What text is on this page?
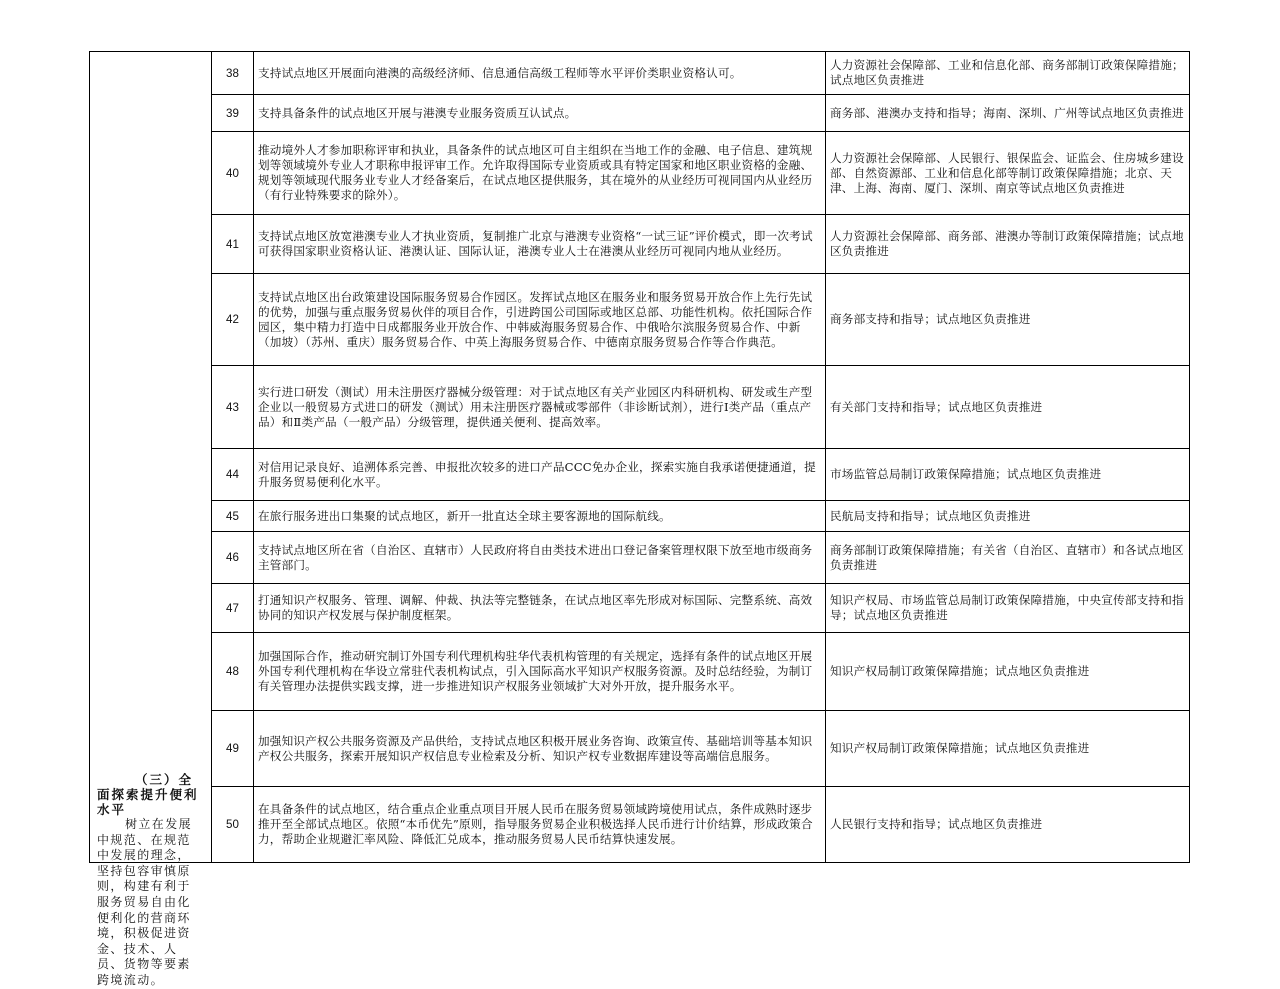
（三）全面探索提升便利水平
树立在发展中规范、在规范中发展的理念，坚持包容审慎原则，构建有利于服务贸易自由化便利化的营商环境，积极促进资金、技术、人员、货物等要素跨境流动。	38	支持试点地区开展面向港澳的高级经济师、信息通信高级工程师等水平评价类职业资格认可。	人力资源社会保障部、工业和信息化部、商务部制订政策保障措施；试点地区负责推进
	39	支持具备条件的试点地区开展与港澳专业服务资质互认试点。	商务部、港澳办支持和指导；海南、深圳、广州等试点地区负责推进
	40	推动境外人才参加职称评审和执业，具备条件的试点地区可自主组织在当地工作的金融、电子信息、建筑规划等领域境外专业人才职称申报评审工作。允许取得国际专业资质或具有特定国家和地区职业资格的金融、规划等领域现代服务业专业人才经备案后，在试点地区提供服务，其在境外的从业经历可视同国内从业经历（有行业特殊要求的除外）。	人力资源社会保障部、人民银行、银保监会、证监会、住房城乡建设部、自然资源部、工业和信息化部等制订政策保障措施；北京、天津、上海、海南、厦门、深圳、南京等试点地区负责推进
	41	支持试点地区放宽港澳专业人才执业资质，复制推广北京与港澳专业资格“一试三证”评价模式，即一次考试可获得国家职业资格认证、港澳认证、国际认证，港澳专业人士在港澳从业经历可视同内地从业经历。	人力资源社会保障部、商务部、港澳办等制订政策保障措施；试点地区负责推进
	42	支持试点地区出台政策建设国际服务贸易合作园区。发挥试点地区在服务业和服务贸易开放合作上先行先试的优势，加强与重点服务贸易伙伴的项目合作，引进跨国公司国际或地区总部、功能性机构。依托国际合作园区，集中精力打造中日成都服务业开放合作、中韩威海服务贸易合作、中俄哈尔滨服务贸易合作、中新（加坡）（苏州、重庆）服务贸易合作、中英上海服务贸易合作、中德南京服务贸易合作等合作典范。	商务部支持和指导；试点地区负责推进
	43	实行进口研发（测试）用未注册医疗器械分级管理：对于试点地区有关产业园区内科研机构、研发或生产型企业以一般贸易方式进口的研发（测试）用未注册医疗器械或零部件（非诊断试剂），进行Ⅰ类产品（重点产品）和Ⅱ类产品（一般产品）分级管理，提供通关便利、提高效率。	有关部门支持和指导；试点地区负责推进
	44	对信用记录良好、追溯体系完善、申报批次较多的进口产品CCC免办企业，探索实施自我承诺便捷通道，提升服务贸易便利化水平。	市场监管总局制订政策保障措施；试点地区负责推进
	45	在旅行服务进出口集聚的试点地区，新开一批直达全球主要客源地的国际航线。	民航局支持和指导；试点地区负责推进
	46	支持试点地区所在省（自治区、直辖市）人民政府将自由类技术进出口登记备案管理权限下放至地市级商务主管部门。	商务部制订政策保障措施；有关省（自治区、直辖市）和各试点地区负责推进
	47	打通知识产权服务、管理、调解、仲裁、执法等完整链条，在试点地区率先形成对标国际、完整系统、高效协同的知识产权发展与保护制度框架。	知识产权局、市场监管总局制订政策保障措施，中央宣传部支持和指导；试点地区负责推进
	48	加强国际合作，推动研究制订外国专利代理机构驻华代表机构管理的有关规定，选择有条件的试点地区开展外国专利代理机构在华设立常驻代表机构试点，引入国际高水平知识产权服务资源。及时总结经验，为制订有关管理办法提供实践支撑，进一步推进知识产权服务业领域扩大对外开放，提升服务水平。	知识产权局制订政策保障措施；试点地区负责推进
	49	加强知识产权公共服务资源及产品供给，支持试点地区积极开展业务咨询、政策宣传、基础培训等基本知识产权公共服务，探索开展知识产权信息专业检索及分析、知识产权专业数据库建设等高端信息服务。	知识产权局制订政策保障措施；试点地区负责推进
	50	在具备条件的试点地区，结合重点企业重点项目开展人民币在服务贸易领域跨境使用试点，条件成熟时逐步推开至全部试点地区。依照“本币优先”原则，指导服务贸易企业积极选择人民币进行计价结算，形成政策合力，帮助企业规避汇率风险、降低汇兑成本，推动服务贸易人民币结算快速发展。	人民银行支持和指导；试点地区负责推进
